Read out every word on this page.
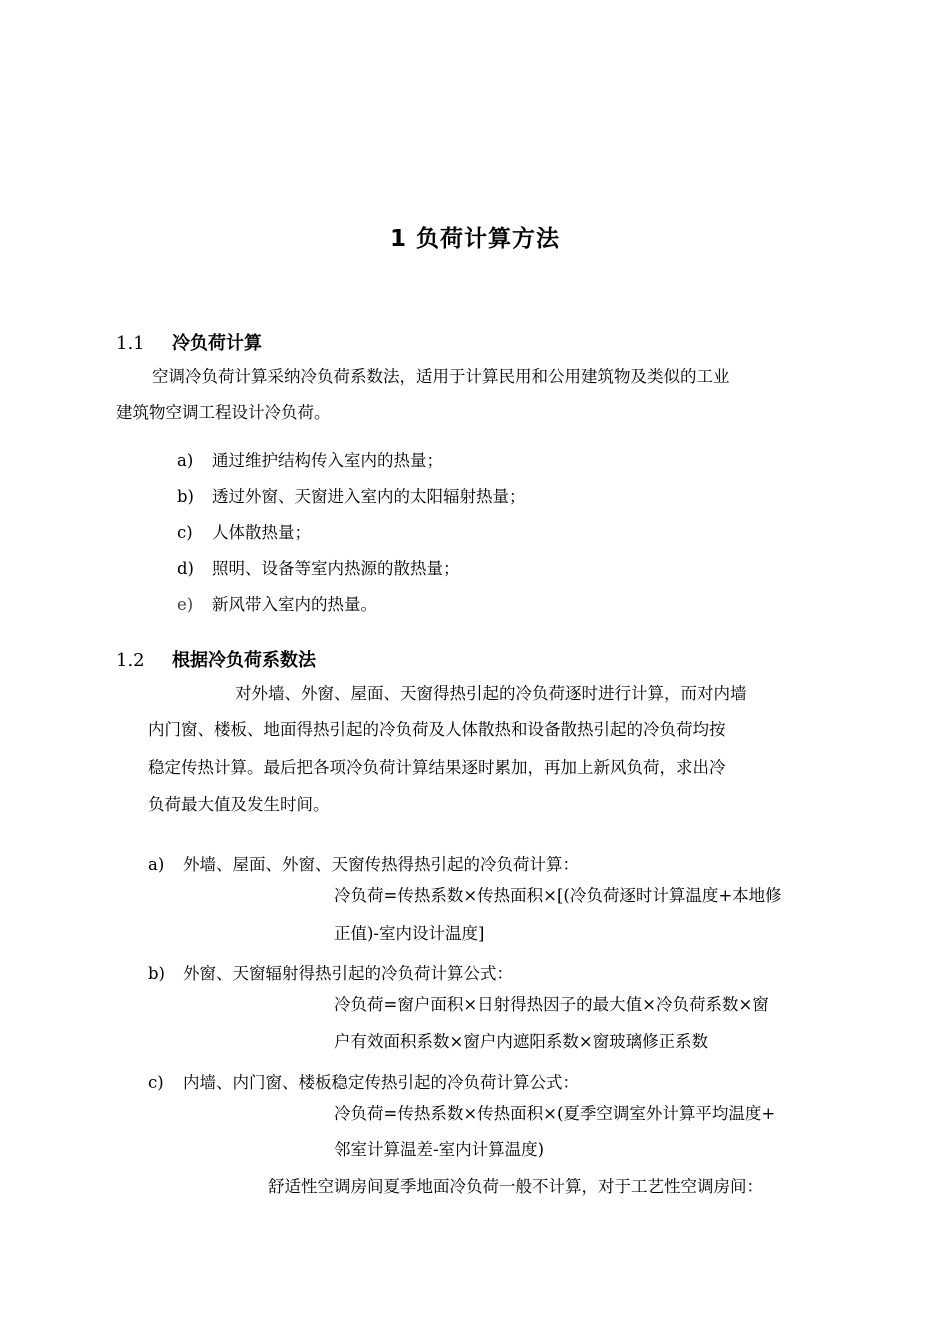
1 负荷计算方法
1.1 冷负荷计算
空调冷负荷计算采纳冷负荷系数法，适用于计算民用和公用建筑物及类似的工业
建筑物空调工程设计冷负荷。
a) 通过维护结构传入室内的热量；
b) 透过外窗、天窗进入室内的太阳辐射热量；
c) 人体散热量；
d) 照明、设备等室内热源的散热量；
e) 新风带入室内的热量。
1.2 根据冷负荷系数法
对外墙、外窗、屋面、天窗得热引起的冷负荷逐时进行计算，而对内墙
内门窗、楼板、地面得热引起的冷负荷及人体散热和设备散热引起的冷负荷均按
稳定传热计算。最后把各项冷负荷计算结果逐时累加，再加上新风负荷，求出冷
负荷最大值及发生时间。
a) 外墙、屋面、外窗、天窗传热得热引起的冷负荷计算：
冷负荷=传热系数×传热面积×[(冷负荷逐时计算温度+本地修
正值)-室内设计温度]
b) 外窗、天窗辐射得热引起的冷负荷计算公式：
冷负荷=窗户面积×日射得热因子的最大值×冷负荷系数×窗
户有效面积系数×窗户内遮阳系数×窗玻璃修正系数
c) 内墙、内门窗、楼板稳定传热引起的冷负荷计算公式：
冷负荷=传热系数×传热面积×(夏季空调室外计算平均温度+
邻室计算温差-室内计算温度)
舒适性空调房间夏季地面冷负荷一般不计算，对于工艺性空调房间：
